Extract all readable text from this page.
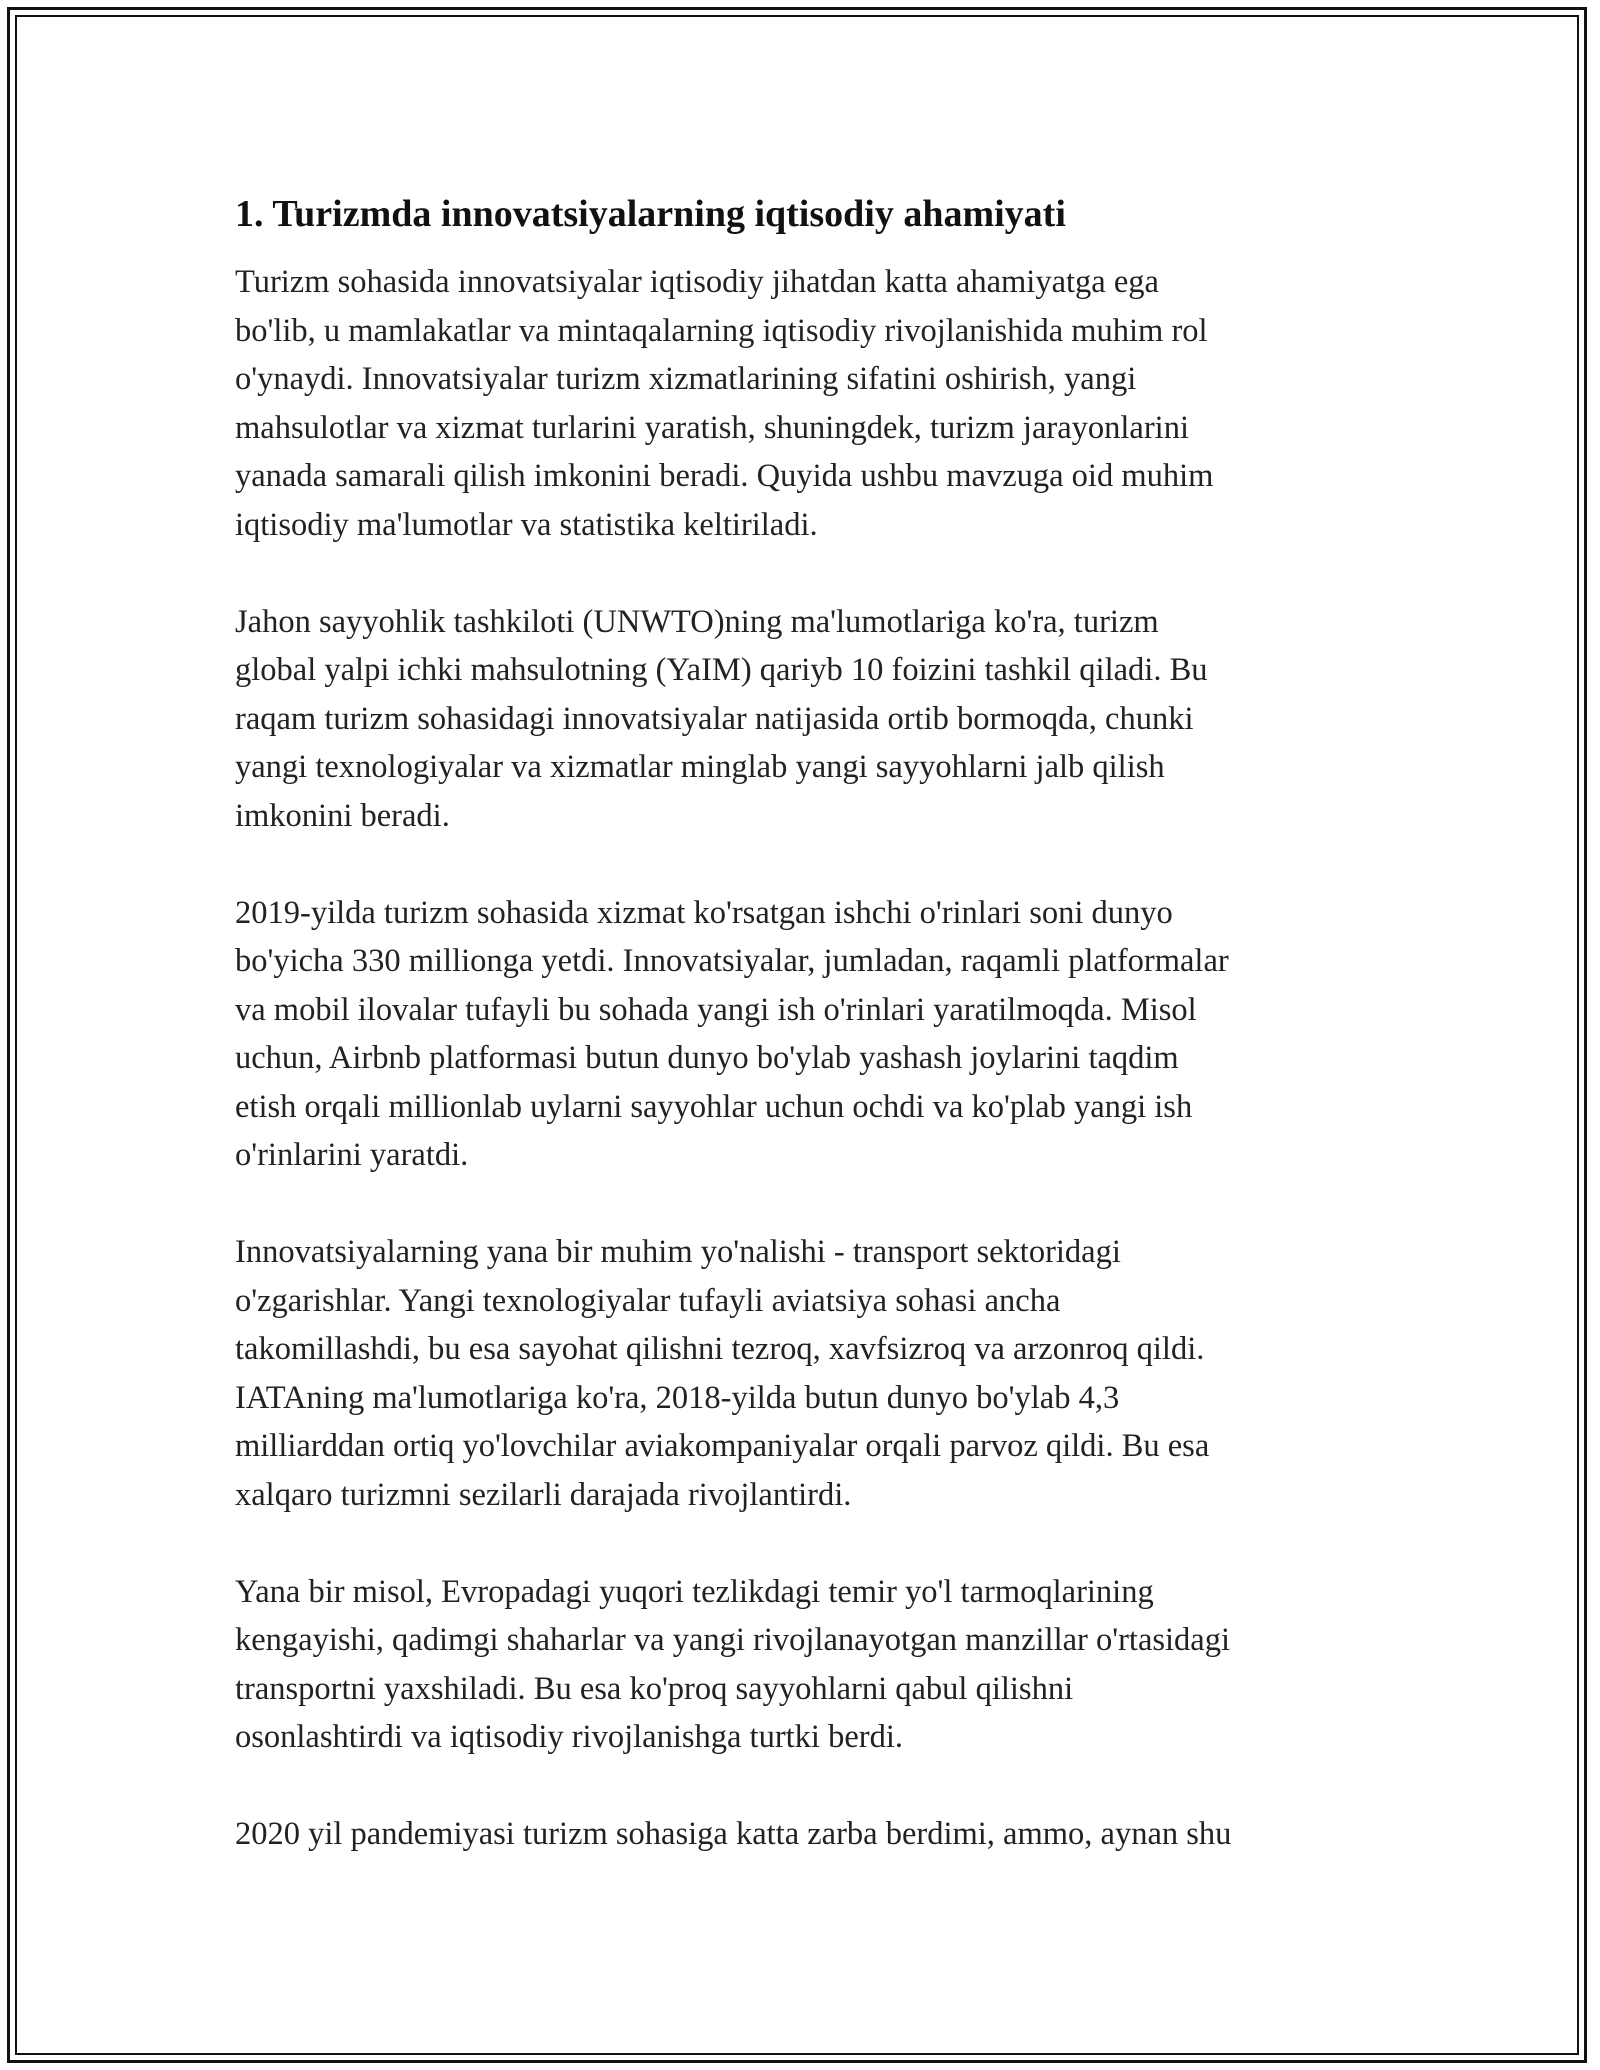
1. Turizmda innovatsiyalarning iqtisodiy ahamiyati

Turizm sohasida innovatsiyalar iqtisodiy jihatdan katta ahamiyatga ega
bo'lib, u mamlakatlar va mintaqalarning iqtisodiy rivojlanishida muhim rol
o'ynaydi. Innovatsiyalar turizm xizmatlarining sifatini oshirish, yangi
mahsulotlar va xizmat turlarini yaratish, shuningdek, turizm jarayonlarini
yanada samarali qilish imkonini beradi. Quyida ushbu mavzuga oid muhim
iqtisodiy ma'lumotlar va statistika keltiriladi.

Jahon sayyohlik tashkiloti (UNWTO)ning ma'lumotlariga ko'ra, turizm
global yalpi ichki mahsulotning (YaIM) qariyb 10 foizini tashkil qiladi. Bu
raqam turizm sohasidagi innovatsiyalar natijasida ortib bormoqda, chunki
yangi texnologiyalar va xizmatlar minglab yangi sayyohlarni jalb qilish
imkonini beradi.

2019-yilda turizm sohasida xizmat ko'rsatgan ishchi o'rinlari soni dunyo
bo'yicha 330 millionga yetdi. Innovatsiyalar, jumladan, raqamli platformalar
va mobil ilovalar tufayli bu sohada yangi ish o'rinlari yaratilmoqda. Misol
uchun, Airbnb platformasi butun dunyo bo'ylab yashash joylarini taqdim
etish orqali millionlab uylarni sayyohlar uchun ochdi va ko'plab yangi ish
o'rinlarini yaratdi.

Innovatsiyalarning yana bir muhim yo'nalishi - transport sektoridagi
o'zgarishlar. Yangi texnologiyalar tufayli aviatsiya sohasi ancha
takomillashdi, bu esa sayohat qilishni tezroq, xavfsizroq va arzonroq qildi.
IATAning ma'lumotlariga ko'ra, 2018-yilda butun dunyo bo'ylab 4,3
milliarddan ortiq yo'lovchilar aviakompaniyalar orqali parvoz qildi. Bu esa
xalqaro turizmni sezilarli darajada rivojlantirdi.

Yana bir misol, Evropadagi yuqori tezlikdagi temir yo'l tarmoqlarining
kengayishi, qadimgi shaharlar va yangi rivojlanayotgan manzillar o'rtasidagi
transportni yaxshiladi. Bu esa ko'proq sayyohlarni qabul qilishni
osonlashtirdi va iqtisodiy rivojlanishga turtki berdi.

2020 yil pandemiyasi turizm sohasiga katta zarba berdimi, ammo, aynan shu
